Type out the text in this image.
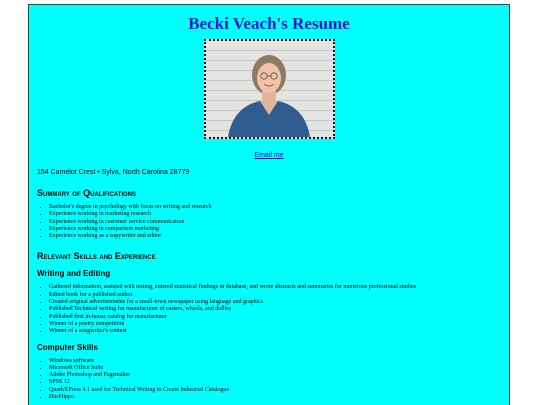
Becki Veach's Resume
Email me
154 Camelot Crest • Sylva, North Carolina 28779
Summary of Qualifications
• Bachelor's degree in psychology with focus on writing and research
• Experience working in marketing research
• Experience working in customer service communication
• Experience working in comparison marketing
• Experience working as a copywriter and editor
Relevant Skills and Experience
Writing and Editing
• Gathered information, assisted with testing, entered statistical findings in database, and wrote abstracts and summaries for numerous professional studies
• Edited book for a published author
• Created original advertisements for a small-town newspaper using language and graphics
• Published Technical writing for manufacturer of casters, wheels, and dollies
• Published first in-house catalog for manufacturer
• Winner of a poetry competition
• Winner of a songwriter's contest
Computer Skills
• Windows software
• Microsoft Office Suite
• Adobe Photoshop and Pagemaker
• SPSS 12
• QuarkXPress 4.1 used for Technical Writing to Create Industrial Catalogue
• DocHippo
